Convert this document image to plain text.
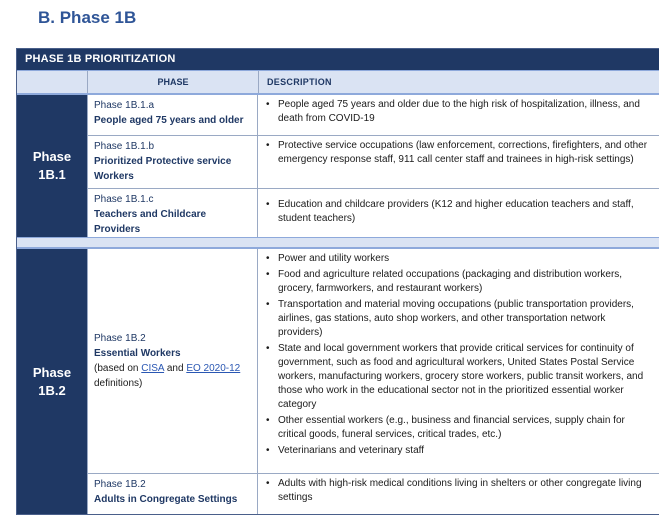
B. Phase 1B
PHASE 1B PRIORITIZATION
PHASE	DESCRIPTION
Phase
1B.1
Phase 1B.1.a
People aged 75 years and older
• People aged 75 years and older due to the high risk of hospitalization, illness, and death from COVID-19
Phase 1B.1.b
Prioritized Protective service Workers
• Protective service occupations (law enforcement, corrections, firefighters, and other emergency response staff, 911 call center staff and trainees in high-risk settings)
Phase 1B.1.c
Teachers and Childcare Providers
• Education and childcare providers (K12 and higher education teachers and staff, student teachers)
Phase
1B.2
Phase 1B.2
Essential Workers
(based on CISA and EO 2020-12 definitions)
• Power and utility workers
• Food and agriculture related occupations (packaging and distribution workers, grocery, farmworkers, and restaurant workers)
• Transportation and material moving occupations (public transportation providers, airlines, gas stations, auto shop workers, and other transportation network providers)
• State and local government workers that provide critical services for continuity of government, such as food and agricultural workers, United States Postal Service workers, manufacturing workers, grocery store workers, public transit workers, and those who work in the educational sector not in the prioritized essential worker category
• Other essential workers (e.g., business and financial services, supply chain for critical goods, funeral services, critical trades, etc.)
• Veterinarians and veterinary staff
Phase 1B.2
Adults in Congregate Settings
• Adults with high-risk medical conditions living in shelters or other congregate living settings
